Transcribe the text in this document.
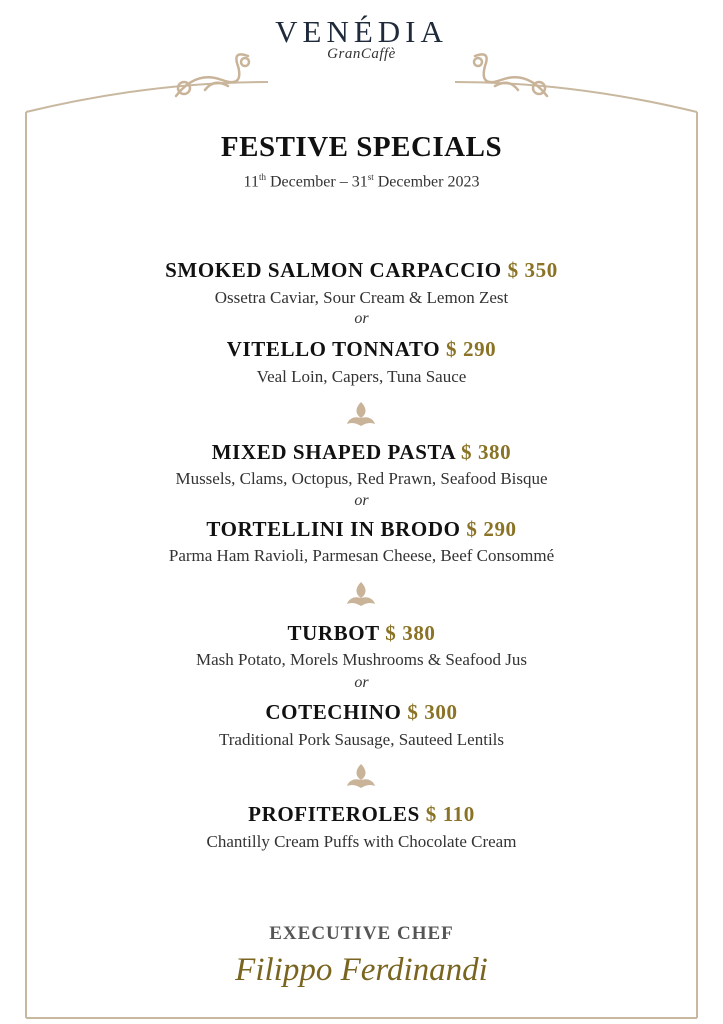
VENÉDIA
GranCaffè
FESTIVE SPECIALS
11th December – 31st December 2023
SMOKED SALMON CARPACCIO $ 350
Ossetra Caviar, Sour Cream & Lemon Zest
or
VITELLO TONNATO $ 290
Veal Loin, Capers, Tuna Sauce
MIXED SHAPED PASTA $ 380
Mussels, Clams, Octopus, Red Prawn, Seafood Bisque
or
TORTELLINI IN BRODO $ 290
Parma Ham Ravioli, Parmesan Cheese, Beef Consommé
TURBOT $ 380
Mash Potato, Morels Mushrooms & Seafood Jus
or
COTECHINO $ 300
Traditional Pork Sausage, Sauteed Lentils
PROFITEROLES $ 110
Chantilly Cream Puffs with Chocolate Cream
EXECUTIVE CHEF
Filippo Ferdinandi
